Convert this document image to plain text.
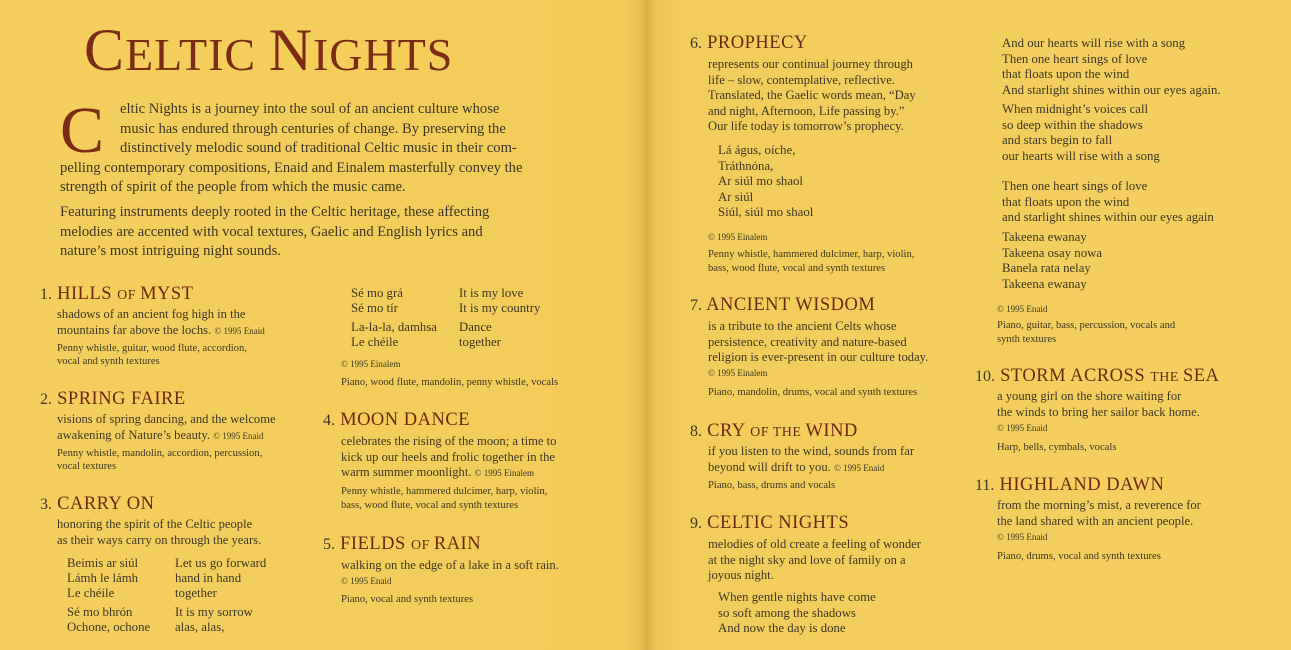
CELTIC NIGHTS
C eltic Nights is a journey into the soul of an ancient culture whose
music has endured through centuries of change. By preserving the
distinctively melodic sound of traditional Celtic music in their com-
pelling contemporary compositions, Enaid and Einalem masterfully convey the
strength of spirit of the people from which the music came.
Featuring instruments deeply rooted in the Celtic heritage, these affecting
melodies are accented with vocal textures, Gaelic and English lyrics and
nature’s most intriguing night sounds.
1. HILLS OF MYST
shadows of an ancient fog high in the
mountains far above the lochs. © 1995 Enaid
Penny whistle, guitar, wood flute, accordion,
vocal and synth textures
2. SPRING FAIRE
visions of spring dancing, and the welcome
awakening of Nature’s beauty. © 1995 Enaid
Penny whistle, mandolin, accordion, percussion,
vocal textures
3. CARRY ON
honoring the spirit of the Celtic people
as their ways carry on through the years.
Beimis ar siúl
Lámh le lámh
Le chéile
Sé mo bhrón
Ochone, ochone
Let us go forward
hand in hand
together
It is my sorrow
alas, alas,
Sé mo grá
Sé mo tír
La-la-la, damhsa
Le chéile
It is my love
It is my country
Dance
together
© 1995 Einalem
Piano, wood flute, mandolin, penny whistle, vocals
4. MOON DANCE
celebrates the rising of the moon; a time to
kick up our heels and frolic together in the
warm summer moonlight. © 1995 Einalem
Penny whistle, hammered dulcimer, harp, violin,
bass, wood flute, vocal and synth textures
5. FIELDS OF RAIN
walking on the edge of a lake in a soft rain.
© 1995 Enaid
Piano, vocal and synth textures
6. PROPHECY
represents our continual journey through
life – slow, contemplative, reflective.
Translated, the Gaelic words mean, “Day
and night, Afternoon, Life passing by.”
Our life today is tomorrow’s prophecy.
Lá águs, oíche,
Tráthnóna,
Ar siúl mo shaol
Ar siúl
Siúl, siúl mo shaol
© 1995 Einalem
Penny whistle, hammered dulcimer, harp, violin,
bass, wood flute, vocal and synth textures
7. ANCIENT WISDOM
is a tribute to the ancient Celts whose
persistence, creativity and nature-based
religion is ever-present in our culture today.
© 1995 Einalem
Piano, mandolin, drums, vocal and synth textures
8. CRY OF THE WIND
if you listen to the wind, sounds from far
beyond will drift to you. © 1995 Enaid
Piano, bass, drums and vocals
9. CELTIC NIGHTS
melodies of old create a feeling of wonder
at the night sky and love of family on a
joyous night.
When gentle nights have come
so soft among the shadows
And now the day is done
And our hearts will rise with a song
Then one heart sings of love
that floats upon the wind
And starlight shines within our eyes again.
When midnight’s voices call
so deep within the shadows
and stars begin to fall
our hearts will rise with a song
Then one heart sings of love
that floats upon the wind
and starlight shines within our eyes again
Takeena ewanay
Takeena osay nowa
Banela rata nelay
Takeena ewanay
© 1995 Enaid
Piano, guitar, bass, percussion, vocals and
synth textures
10. STORM ACROSS THE SEA
a young girl on the shore waiting for
the winds to bring her sailor back home.
© 1995 Enaid
Harp, bells, cymbals, vocals
11. HIGHLAND DAWN
from the morning’s mist, a reverence for
the land shared with an ancient people.
© 1995 Enaid
Piano, drums, vocal and synth textures
